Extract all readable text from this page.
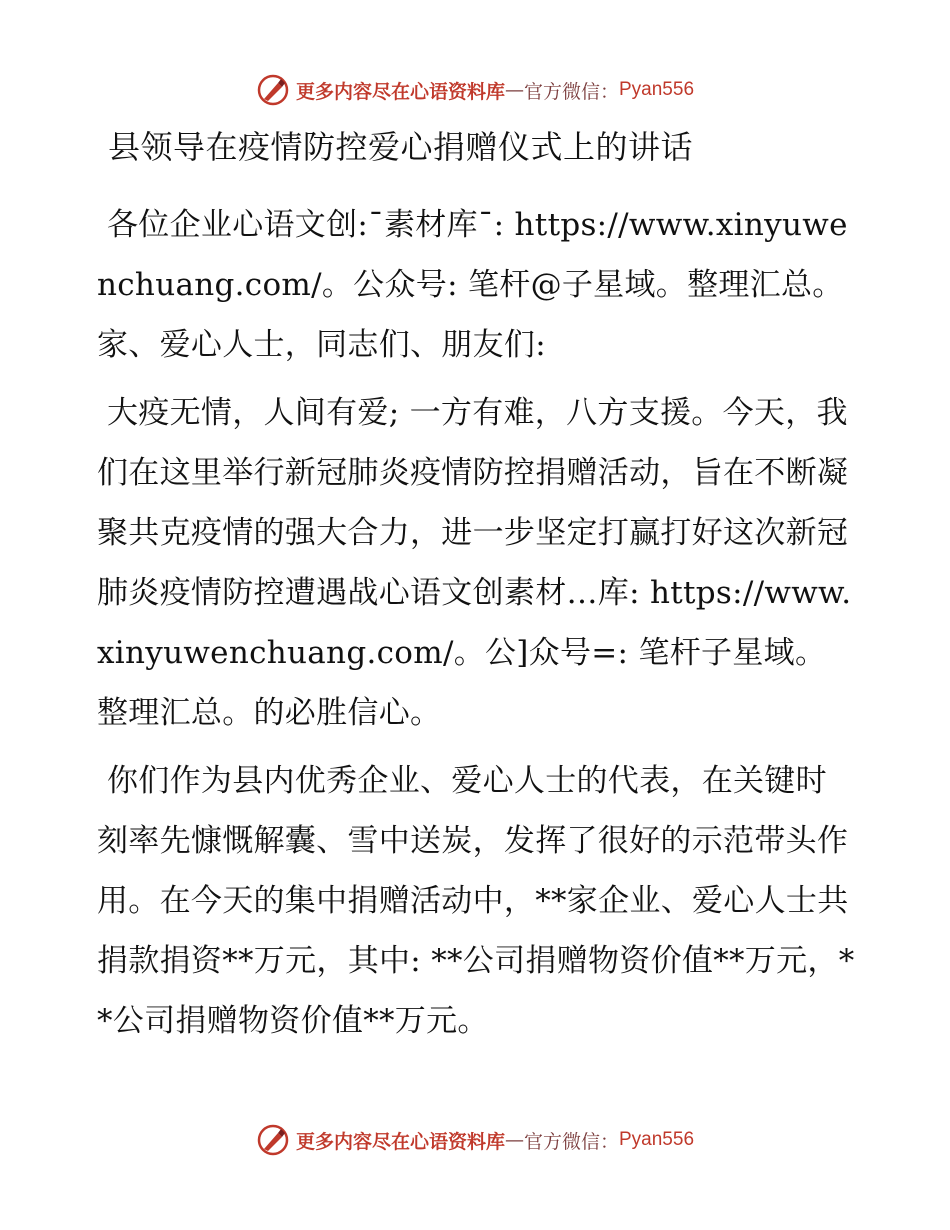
更多内容尽在心语资料库 — 官方微信： Pyan556
县领导在疫情防控爱心捐赠仪式上的讲话

各位企业心语文创:¯素材库¯: https://www.xinyuwenchuang.com/。公众号: 笔杆@子星域。整理汇总。家、爱心人士，同志们、朋友们:

大疫无情，人间有爱; 一方有难，八方支援。今天，我们在这里举行新冠肺炎疫情防控捐赠活动，旨在不断凝聚共克疫情的强大合力，进一步坚定打赢打好这次新冠肺炎疫情防控遭遇战心语文创素材…库: https://www.xinyuwenchuang.com/。公]众号=: 笔杆子星域。整理汇总。的必胜信心。

你们作为县内优秀企业、爱心人士的代表，在关键时刻率先慷慨解囊、雪中送炭，发挥了很好的示范带头作用。在今天的集中捐赠活动中，**家企业、爱心人士共捐款捐资**万元，其中: **公司捐赠物资价值**万元，**公司捐赠物资价值**万元。

更多内容尽在心语资料库 — 官方微信： Pyan556
